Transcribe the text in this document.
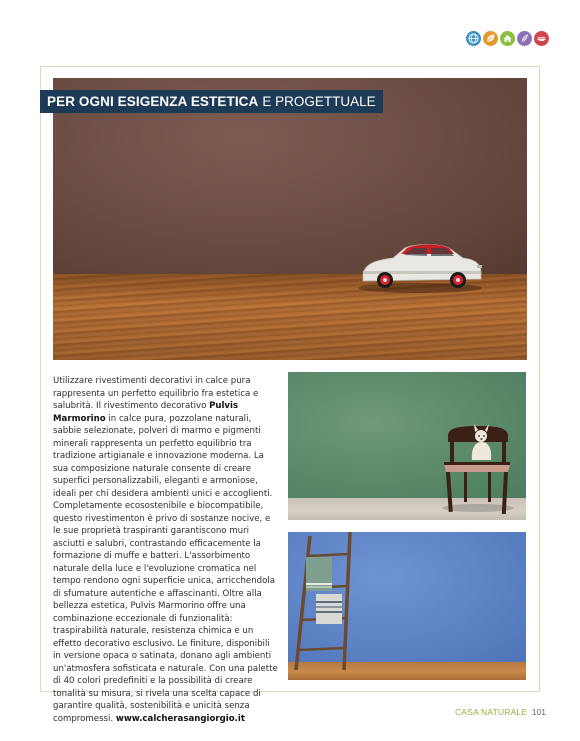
PER OGNI ESIGENZA ESTETICA E PROGETTUALE

Utilizzare rivestimenti decorativi in calce pura rappresenta un perfetto equilibrio fra estetica e salubrità. Il rivestimento decorativo Pulvis Marmorino in calce pura, pozzolane naturali, sabbie selezionate, polveri di marmo e pigmenti minerali rappresenta un perfetto equilibrio tra tradizione artigianale e innovazione moderna. La sua composizione naturale consente di creare superfici personalizzabili, eleganti e armoniose, ideali per chi desidera ambienti unici e accoglienti. Completamente ecosostenibile e biocompatibile, questo rivestimenton è privo di sostanze nocive, e le sue proprietà traspiranti garantiscono muri asciutti e salubri, contrastando efficacemente la formazione di muffe e batteri. L'assorbimento naturale della luce e l'evoluzione cromatica nel tempo rendono ogni superficie unica, arricchendola di sfumature autentiche e affascinanti. Oltre alla bellezza estetica, Pulvis Marmorino offre una combinazione eccezionale di funzionalità: traspirabilità naturale, resistenza chimica e un effetto decorativo esclusivo. Le finiture, disponibili in versione opaca o satinata, donano agli ambienti un'atmosfera sofisticata e naturale. Con una palette di 40 colori predefiniti e la possibilità di creare tonalità su misura, si rivela una scelta capace di garantire qualità, sostenibilità e unicità senza compromessi. www.calcherasangiorgio.it

CASA NATURALE 101
